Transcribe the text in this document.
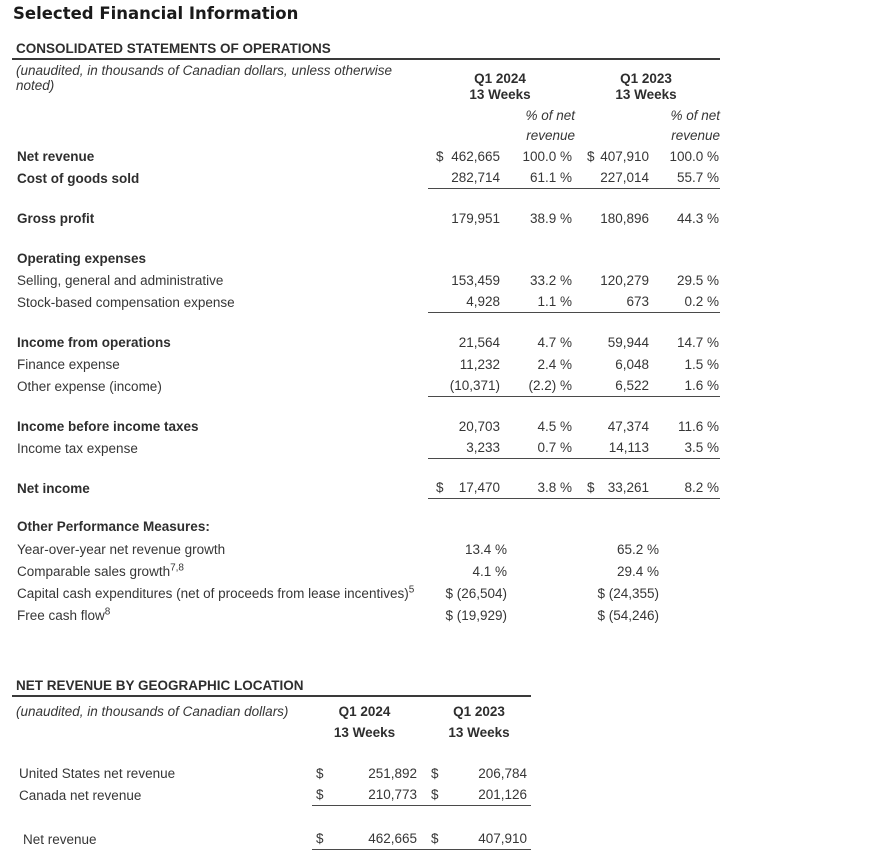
Selected Financial Information
CONSOLIDATED STATEMENTS OF OPERATIONS
(unaudited, in thousands of Canadian dollars, unless otherwise noted)	Q1 2024	Q1 2023
13 Weeks	13 Weeks
% of net revenue
% of net revenue
Net revenue	$ 462,665	100.0 % $ 407,910	100.0 %
Cost of goods sold	282,714	61.1 %	227,014	55.7 %
Gross profit	179,951	38.9 %	180,896	44.3 %
Operating expenses
Selling, general and administrative	153,459	33.2 %	120,279	29.5 %
Stock-based compensation expense	4,928	1.1 %	673	0.2 %
Income from operations	21,564	4.7 %	59,944	14.7 %
Finance expense	11,232	2.4 %	6,048	1.5 %
Other expense (income)	(10,371)	(2.2) %	6,522	1.6 %
Income before income taxes	20,703	4.5 %	47,374	11.6 %
Income tax expense	3,233	0.7 %	14,113	3.5 %
Net income	$ 17,470	3.8 % $ 33,261	8.2 %
Other Performance Measures:
Year-over-year net revenue growth	13.4 %	65.2 %
Comparable sales growth$^{7,8}$	4.1 %	29.4 %
Capital cash expenditures (net of proceeds from lease incentives)$^5$	$ (26,504)	$ (24,355)
Free cash flow$^8$	$ (19,929)	$ (54,246)
NET REVENUE BY GEOGRAPHIC LOCATION
(unaudited, in thousands of Canadian dollars)	Q1 2024	Q1 2023
13 Weeks	13 Weeks
United States net revenue	$	251,892 $	206,784
Canada net revenue	$	210,773 $	201,126
Net revenue	$	462,665 $	407,910
